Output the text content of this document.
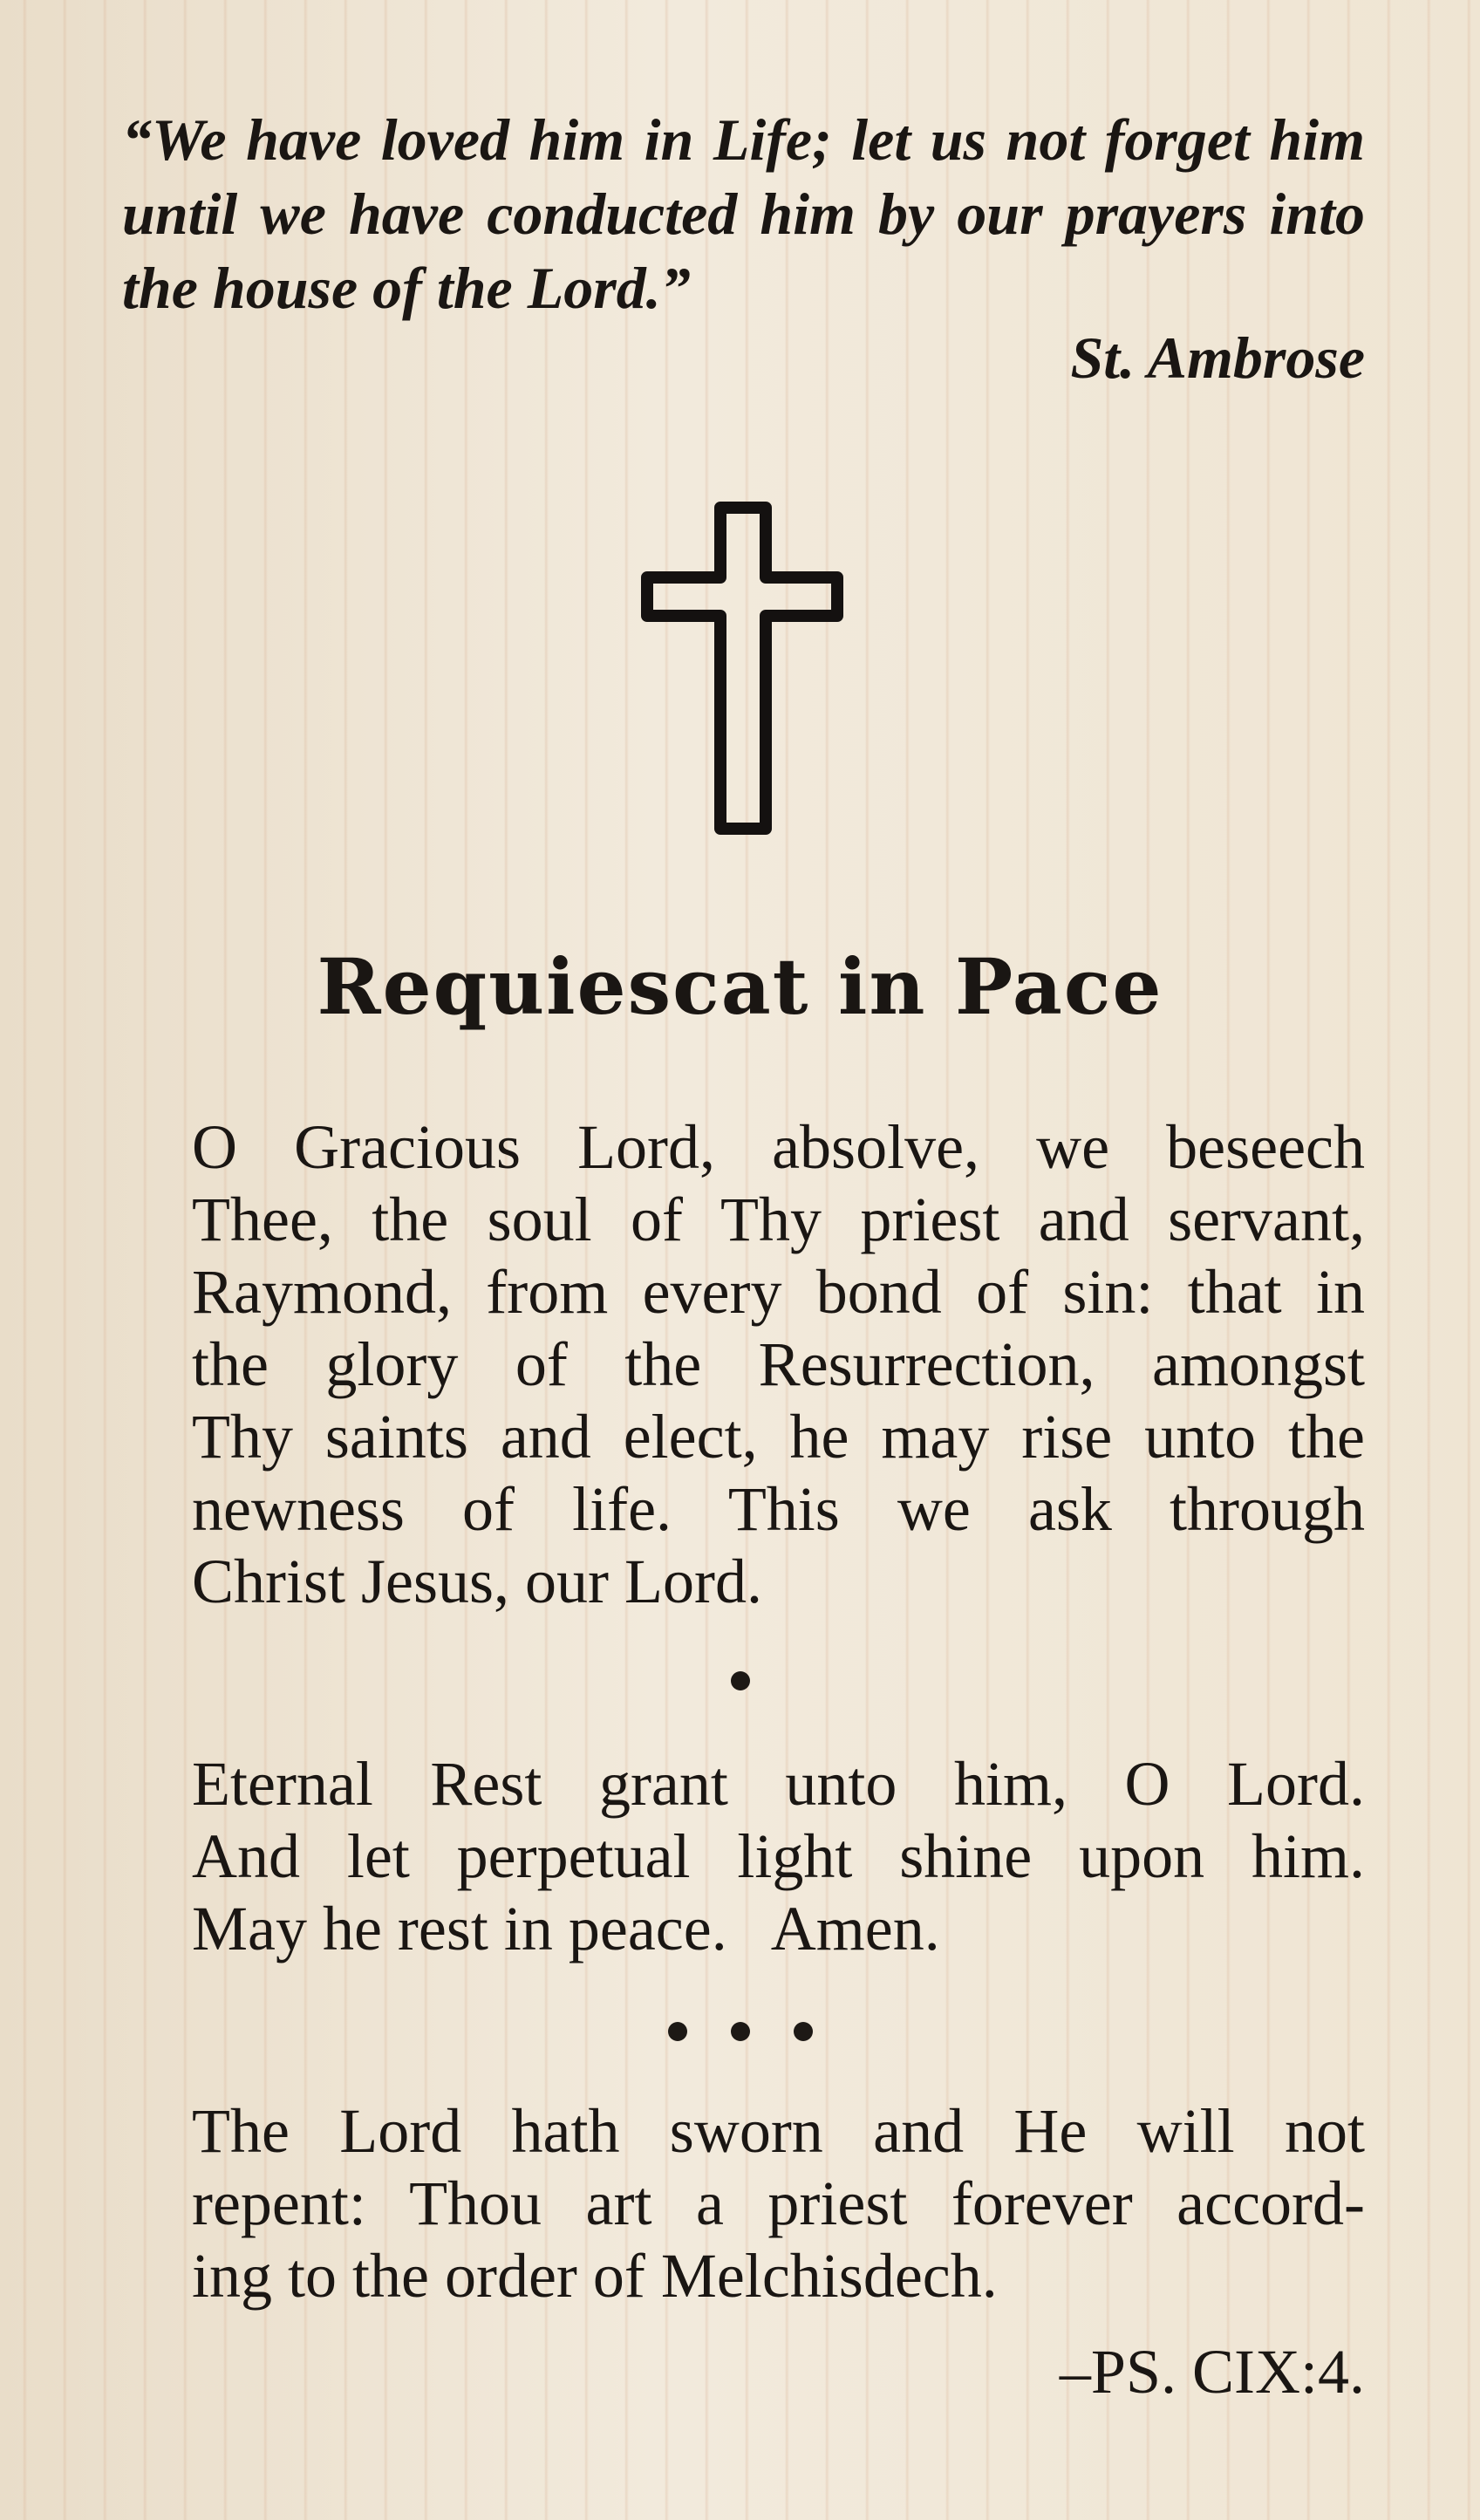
“We have loved him in Life; let us not forget him until we have conducted him by our prayers into the house of the Lord.”

St. Ambrose

Requiescat in Pace
O Gracious Lord, absolve, we beseech
Thee, the soul of Thy priest and servant,
Raymond, from every bond of sin: that in
the glory of the Resurrection, amongst
Thy saints and elect, he may rise unto the
newness of life. This we ask through
Christ Jesus, our Lord.
Eternal Rest grant unto him, O Lord.
And let perpetual light shine upon him.
May he rest in peace.   Amen.
The Lord hath sworn and He will not
repent: Thou art a priest forever accord-
ing to the order of Melchisdech.

–PS. CIX:4.
